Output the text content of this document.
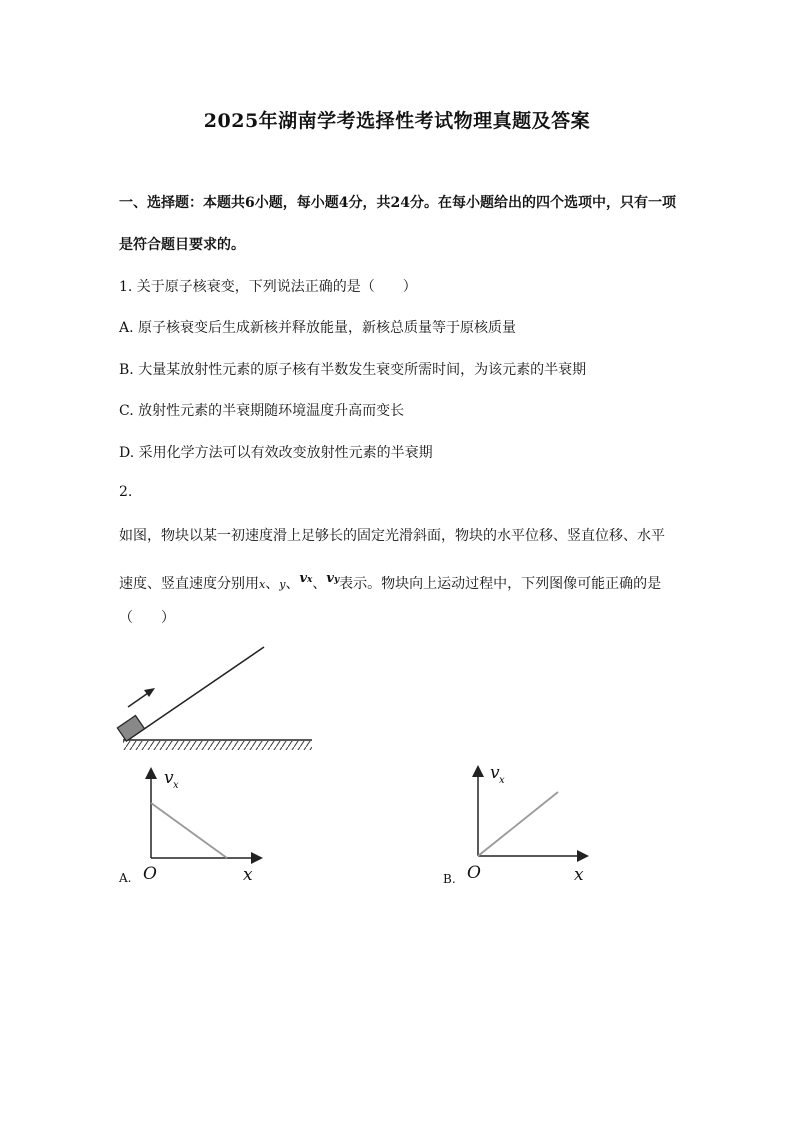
2025年湖南学考选择性考试物理真题及答案
一、选择题：本题共6小题，每小题4分，共24分。在每小题给出的四个选项中，只有一项
是符合题目要求的。
1. 关于原子核衰变，下列说法正确的是（　　）
A. 原子核衰变后生成新核并释放能量，新核总质量等于原核质量
B. 大量某放射性元素的原子核有半数发生衰变所需时间，为该元素的半衰期
C. 放射性元素的半衰期随环境温度升高而变长
D. 采用化学方法可以有效改变放射性元素的半衰期
2.
如图，物块以某一初速度滑上足够长的固定光滑斜面，物块的水平位移、竖直位移、水平
速度、竖直速度分别用x、y、vx、vy表示。物块向上运动过程中，下列图像可能正确的是
（　　）
v x
O	x
A.
v x
O	x
B.
